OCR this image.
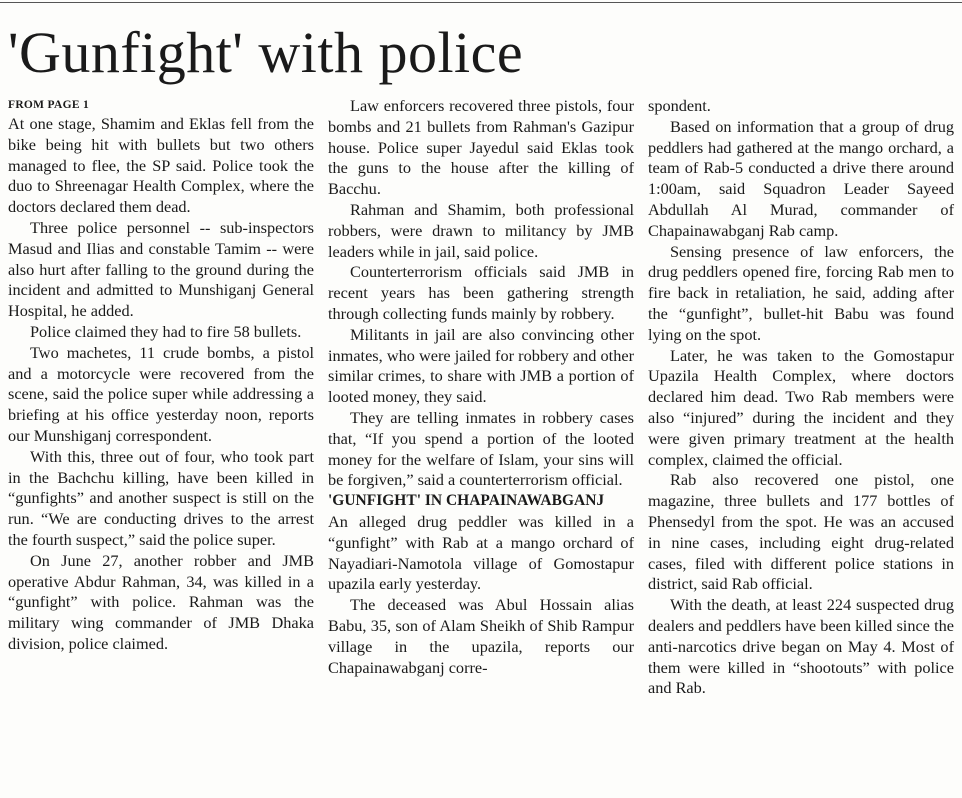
'Gunfight' with police
FROM PAGE 1

At one stage, Shamim and Eklas fell from the bike being hit with bullets but two others managed to flee, the SP said. Police took the duo to Shreenagar Health Complex, where the doctors declared them dead.

Three police personnel -- sub-inspectors Masud and Ilias and constable Tamim -- were also hurt after falling to the ground during the incident and admitted to Munshiganj General Hospital, he added.

Police claimed they had to fire 58 bullets.

Two machetes, 11 crude bombs, a pistol and a motorcycle were recovered from the scene, said the police super while addressing a briefing at his office yesterday noon, reports our Munshiganj correspondent.

With this, three out of four, who took part in the Bachchu killing, have been killed in “gunfights” and another suspect is still on the run. “We are conducting drives to the arrest the fourth suspect,” said the police super.

On June 27, another robber and JMB operative Abdur Rahman, 34, was killed in a “gunfight” with police. Rahman was the military wing commander of JMB Dhaka division, police claimed.

Law enforcers recovered three pistols, four bombs and 21 bullets from Rahman's Gazipur house. Police super Jayedul said Eklas took the guns to the house after the killing of Bacchu.

Rahman and Shamim, both professional robbers, were drawn to militancy by JMB leaders while in jail, said police.

Counterterrorism officials said JMB in recent years has been gathering strength through collecting funds mainly by robbery.

Militants in jail are also convincing other inmates, who were jailed for robbery and other similar crimes, to share with JMB a portion of looted money, they said.

They are telling inmates in robbery cases that, “If you spend a portion of the looted money for the welfare of Islam, your sins will be forgiven,” said a counterterrorism official.

'GUNFIGHT' IN CHAPAINAWABGANJ

An alleged drug peddler was killed in a “gunfight” with Rab at a mango orchard of Nayadiari-Namotola village of Gomostapur upazila early yesterday.

The deceased was Abul Hossain alias Babu, 35, son of Alam Sheikh of Shib Rampur village in the upazila, reports our Chapainawabganj corre-

spondent.

Based on information that a group of drug peddlers had gathered at the mango orchard, a team of Rab-5 conducted a drive there around 1:00am, said Squadron Leader Sayeed Abdullah Al Murad, commander of Chapainawabganj Rab camp.

Sensing presence of law enforcers, the drug peddlers opened fire, forcing Rab men to fire back in retaliation, he said, adding after the “gunfight”, bullet-hit Babu was found lying on the spot.

Later, he was taken to the Gomostapur Upazila Health Complex, where doctors declared him dead. Two Rab members were also “injured” during the incident and they were given primary treatment at the health complex, claimed the official.

Rab also recovered one pistol, one magazine, three bullets and 177 bottles of Phensedyl from the spot. He was an accused in nine cases, including eight drug-related cases, filed with different police stations in district, said Rab official.

With the death, at least 224 suspected drug dealers and peddlers have been killed since the anti-narcotics drive began on May 4. Most of them were killed in “shootouts” with police and Rab.
